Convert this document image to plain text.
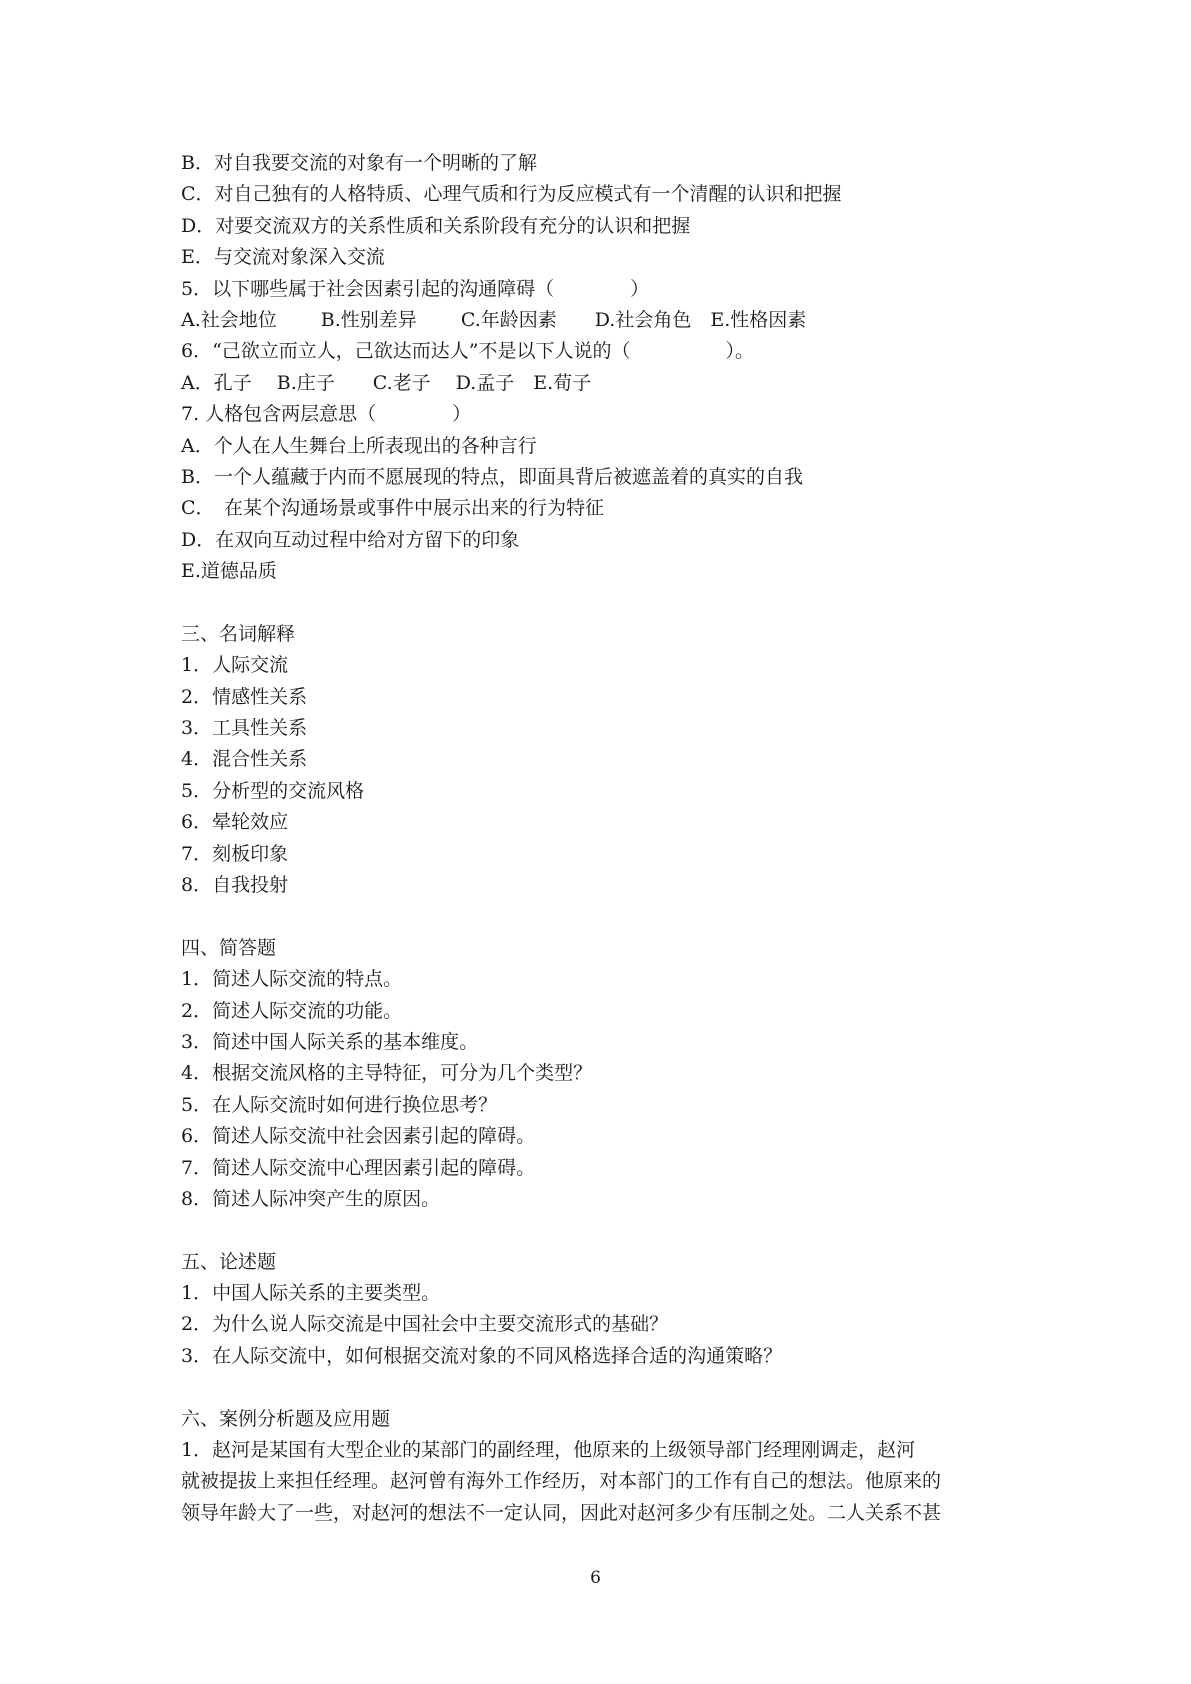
B．对自我要交流的对象有一个明晰的了解
C．对自己独有的人格特质、心理气质和行为反应模式有一个清醒的认识和把握
D．对要交流双方的关系性质和关系阶段有充分的认识和把握
E．与交流对象深入交流
5．以下哪些属于社会因素引起的沟通障碍（　　　　）
A.社会地位　　 B.性别差异　　 C.年龄因素　　D.社会角色　E.性格因素
6．“己欲立而立人，己欲达而达人”不是以下人说的（　　　　　）。
A．孔子　 B.庄子　　C.老子　 D.孟子　E.荀子
7. 人格包含两层意思（　　　　）
A．个人在人生舞台上所表现出的各种言行
B．一个人蕴藏于内而不愿展现的特点，即面具背后被遮盖着的真实的自我
C．　在某个沟通场景或事件中展示出来的行为特征
D．在双向互动过程中给对方留下的印象
E.道德品质
三、名词解释
1．人际交流
2．情感性关系
3．工具性关系
4．混合性关系
5．分析型的交流风格
6．晕轮效应
7．刻板印象
8．自我投射
四、简答题
1．简述人际交流的特点。
2．简述人际交流的功能。
3．简述中国人际关系的基本维度。
4．根据交流风格的主导特征，可分为几个类型？
5．在人际交流时如何进行换位思考？
6．简述人际交流中社会因素引起的障碍。
7．简述人际交流中心理因素引起的障碍。
8．简述人际冲突产生的原因。
五、论述题
1．中国人际关系的主要类型。
2．为什么说人际交流是中国社会中主要交流形式的基础？
3．在人际交流中，如何根据交流对象的不同风格选择合适的沟通策略？
六、案例分析题及应用题
1．赵河是某国有大型企业的某部门的副经理，他原来的上级领导部门经理刚调走，赵河
就被提拔上来担任经理。赵河曾有海外工作经历，对本部门的工作有自己的想法。他原来的
领导年龄大了一些，对赵河的想法不一定认同，因此对赵河多少有压制之处。二人关系不甚
6
